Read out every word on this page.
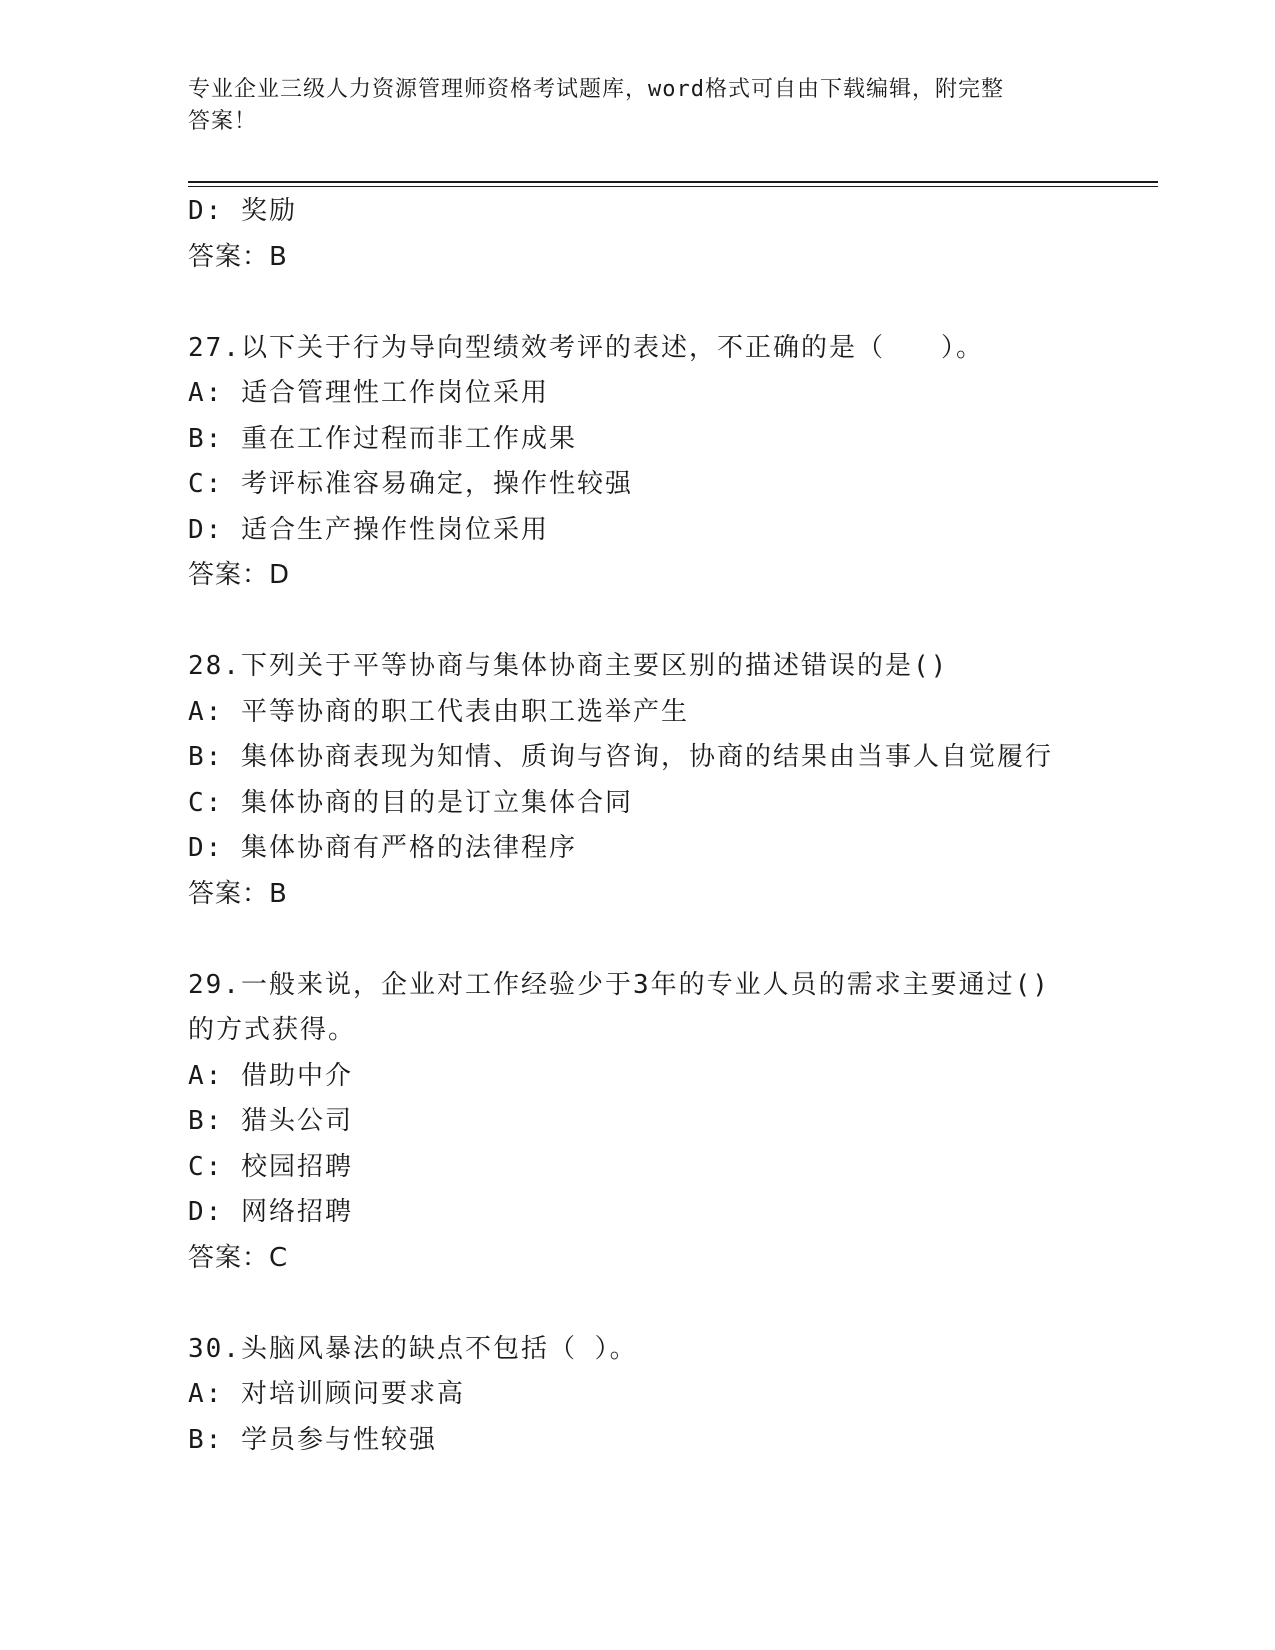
专业企业三级人力资源管理师资格考试题库，word格式可自由下载编辑，附完整
答案！
D: 奖励
答案：B
27.以下关于行为导向型绩效考评的表述，不正确的是（　　）。
A: 适合管理性工作岗位采用
B: 重在工作过程而非工作成果
C: 考评标准容易确定，操作性较强
D: 适合生产操作性岗位采用
答案：D
28.下列关于平等协商与集体协商主要区别的描述错误的是()
A: 平等协商的职工代表由职工选举产生
B: 集体协商表现为知情、质询与咨询，协商的结果由当事人自觉履行
C: 集体协商的目的是订立集体合同
D: 集体协商有严格的法律程序
答案：B
29.一般来说，企业对工作经验少于3年的专业人员的需求主要通过()
的方式获得。
A: 借助中介
B: 猎头公司
C: 校园招聘
D: 网络招聘
答案：C
30.头脑风暴法的缺点不包括（ ）。
A: 对培训顾问要求高
B: 学员参与性较强
